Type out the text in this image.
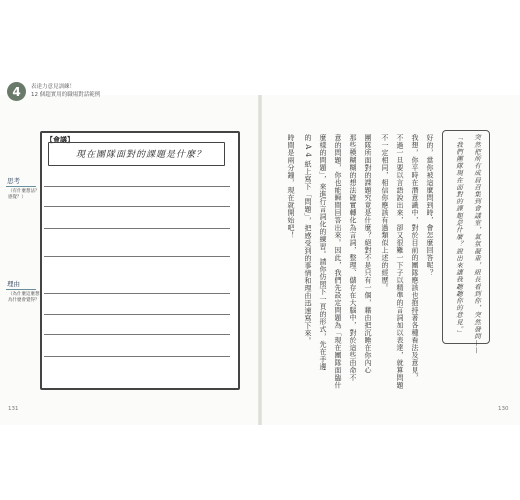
4	表達力意見訓練！
12 個超實用的職場對話範例
【會議】
現在團隊面對的課題是什麼？
思考
（有什麼想法？
感覺？）
理由
（為什麼這麼想？
為什麼會覺得？）	突然把所有成員召集到會議室，氣氛凝重，組長看到你，突然發問——
「我們團隊現在面對的課題是什麼？說出來讓我聽聽你的意見。」
好的，當你被這麼問到時，會怎麼回答呢？
我想，你平時在潛意識中，對於目前的團隊應該也抱持著各種看法及意見，
不過一旦要以言語說出來，卻又很難一下子以精準的言詞加以表達，就算問題
不一定相同，相信你應該有過類似上述的經歷。
團隊所面對的課題究竟是什麼？絕對不是只有一個，藉由把沉睡在你內心
那些模糊糊的想法確實轉化為言詞，整理、儲存在大腦中，對於這些由命不
意的問題，你也能瞬間回答出來。因此，我們先設定問題為「現在團隊面臨什
麼樣的問題」，來進行言詞化的練習。請你仿照下一頁的形式，先在手邊
的 A 4 紙上寫下「問題」，把感受到的事情和理由迅速寫下來。
時間是兩分鐘，現在就開始吧！
131	130
